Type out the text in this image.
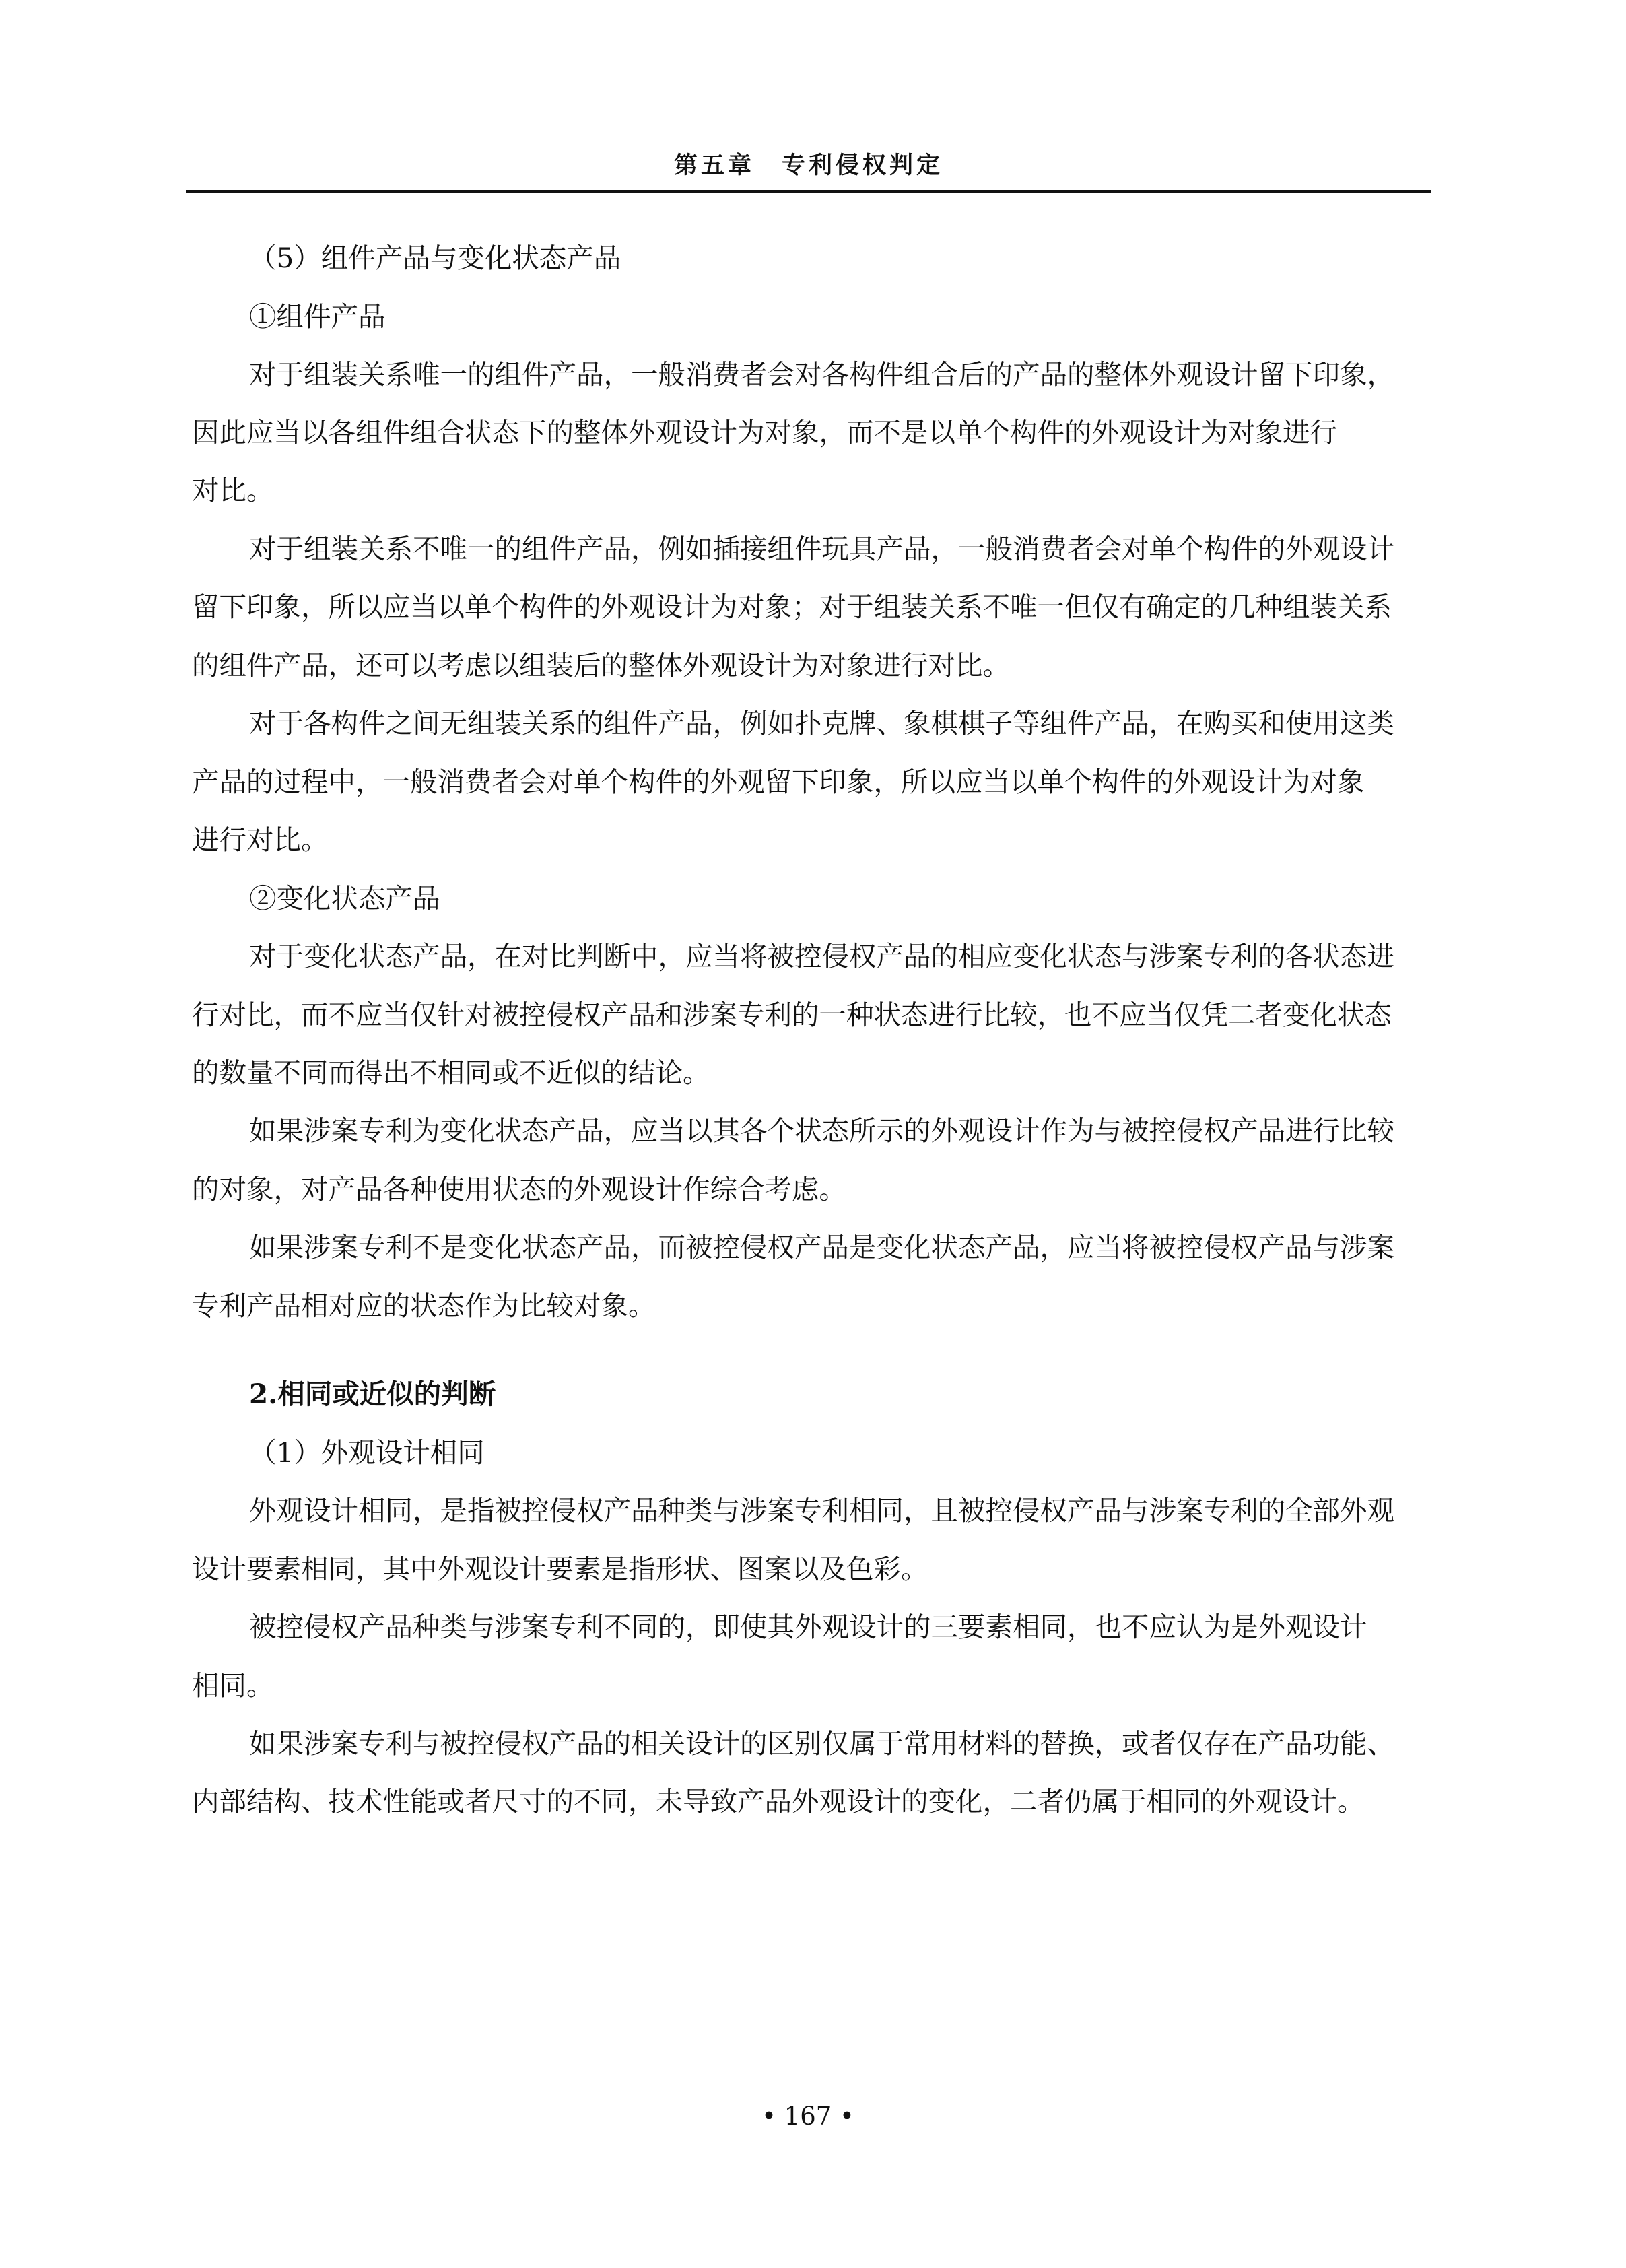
第五章　专利侵权判定
（5）组件产品与变化状态产品
①组件产品
对于组装关系唯一的组件产品，一般消费者会对各构件组合后的产品的整体外观设计留下印象，
因此应当以各组件组合状态下的整体外观设计为对象，而不是以单个构件的外观设计为对象进行
对比。
对于组装关系不唯一的组件产品，例如插接组件玩具产品，一般消费者会对单个构件的外观设计
留下印象，所以应当以单个构件的外观设计为对象；对于组装关系不唯一但仅有确定的几种组装关系
的组件产品，还可以考虑以组装后的整体外观设计为对象进行对比。
对于各构件之间无组装关系的组件产品，例如扑克牌、象棋棋子等组件产品，在购买和使用这类
产品的过程中，一般消费者会对单个构件的外观留下印象，所以应当以单个构件的外观设计为对象
进行对比。
②变化状态产品
对于变化状态产品，在对比判断中，应当将被控侵权产品的相应变化状态与涉案专利的各状态进
行对比，而不应当仅针对被控侵权产品和涉案专利的一种状态进行比较，也不应当仅凭二者变化状态
的数量不同而得出不相同或不近似的结论。
如果涉案专利为变化状态产品，应当以其各个状态所示的外观设计作为与被控侵权产品进行比较
的对象，对产品各种使用状态的外观设计作综合考虑。
如果涉案专利不是变化状态产品，而被控侵权产品是变化状态产品，应当将被控侵权产品与涉案
专利产品相对应的状态作为比较对象。
2.相同或近似的判断
（1）外观设计相同
外观设计相同，是指被控侵权产品种类与涉案专利相同，且被控侵权产品与涉案专利的全部外观
设计要素相同，其中外观设计要素是指形状、图案以及色彩。
被控侵权产品种类与涉案专利不同的，即使其外观设计的三要素相同，也不应认为是外观设计
相同。
如果涉案专利与被控侵权产品的相关设计的区别仅属于常用材料的替换，或者仅存在产品功能、
内部结构、技术性能或者尺寸的不同，未导致产品外观设计的变化，二者仍属于相同的外观设计。
• 167 •
